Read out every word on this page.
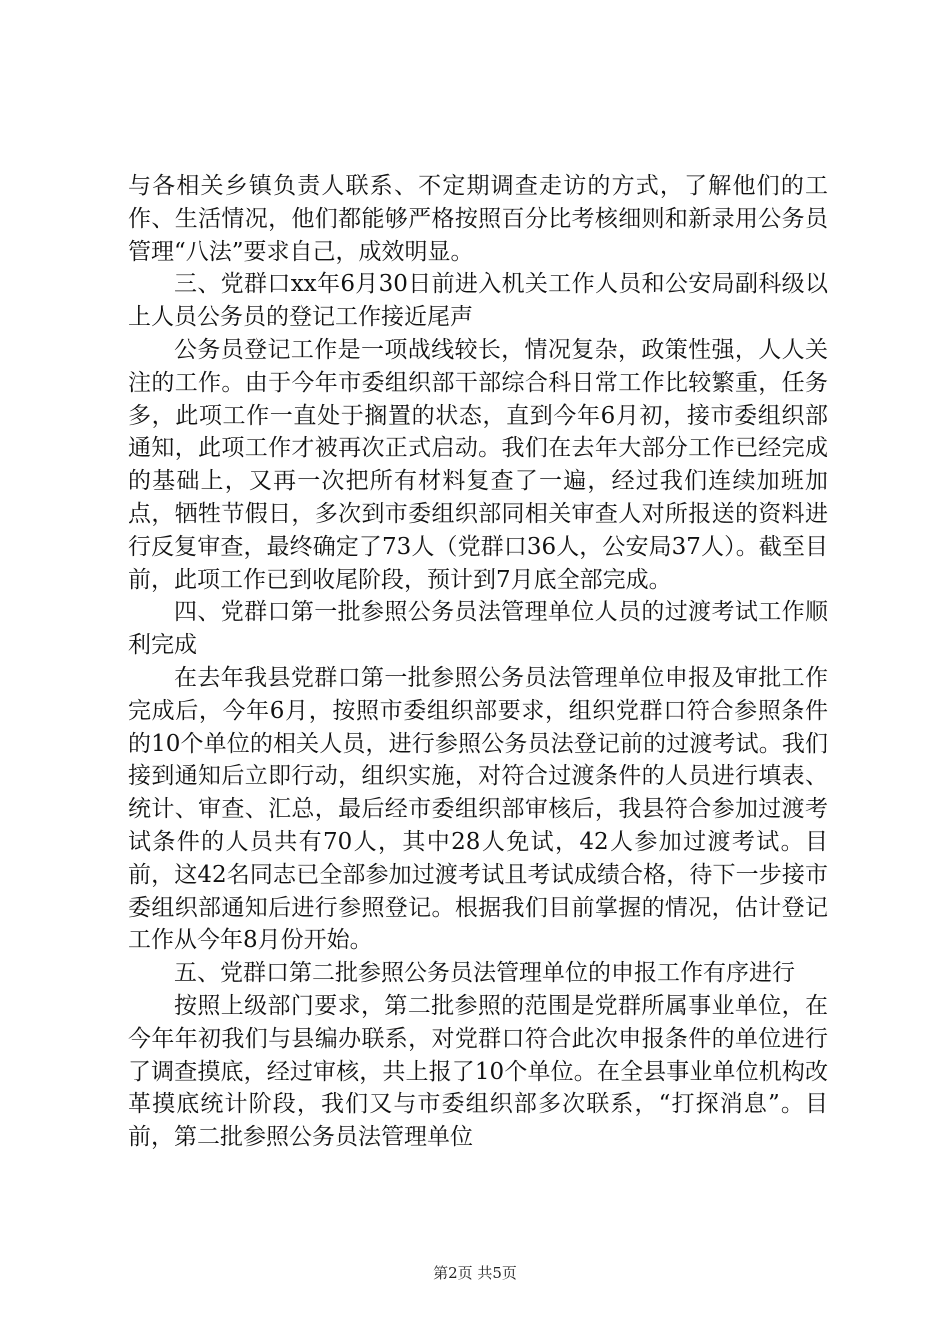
与各相关乡镇负责人联系、不定期调查走访的方式，了解他们的工作、生活情况，他们都能够严格按照百分比考核细则和新录用公务员管理“八法”要求自己，成效明显。

三、党群口xx年6月30日前进入机关工作人员和公安局副科级以上人员公务员的登记工作接近尾声

公务员登记工作是一项战线较长，情况复杂，政策性强，人人关注的工作。由于今年市委组织部干部综合科日常工作比较繁重，任务多，此项工作一直处于搁置的状态，直到今年6月初，接市委组织部通知，此项工作才被再次正式启动。我们在去年大部分工作已经完成的基础上，又再一次把所有材料复查了一遍，经过我们连续加班加点，牺牲节假日，多次到市委组织部同相关审查人对所报送的资料进行反复审查，最终确定了73人（党群口36人，公安局37人）。截至目前，此项工作已到收尾阶段，预计到7月底全部完成。

四、党群口第一批参照公务员法管理单位人员的过渡考试工作顺利完成

在去年我县党群口第一批参照公务员法管理单位申报及审批工作完成后，今年6月，按照市委组织部要求，组织党群口符合参照条件的10个单位的相关人员，进行参照公务员法登记前的过渡考试。我们接到通知后立即行动，组织实施，对符合过渡条件的人员进行填表、统计、审查、汇总，最后经市委组织部审核后，我县符合参加过渡考试条件的人员共有70人，其中28人免试，42人参加过渡考试。目前，这42名同志已全部参加过渡考试且考试成绩合格，待下一步接市委组织部通知后进行参照登记。根据我们目前掌握的情况，估计登记工作从今年8月份开始。

五、党群口第二批参照公务员法管理单位的申报工作有序进行

按照上级部门要求，第二批参照的范围是党群所属事业单位，在今年年初我们与县编办联系，对党群口符合此次申报条件的单位进行了调查摸底，经过审核，共上报了10个单位。在全县事业单位机构改革摸底统计阶段，我们又与市委组织部多次联系，“打探消息”。目前，第二批参照公务员法管理单位

第2页 共5页
